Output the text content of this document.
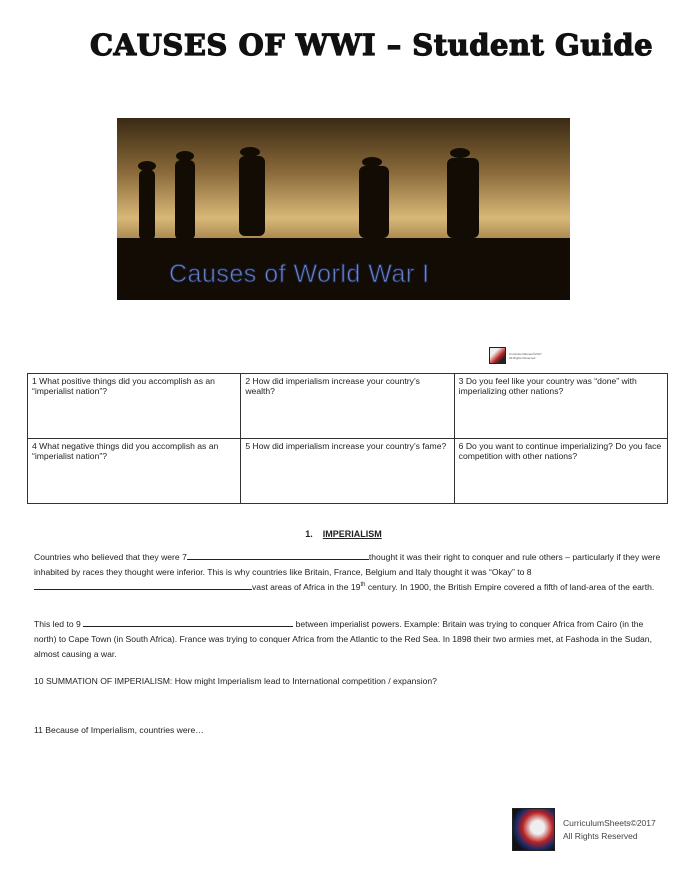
CAUSES OF WWI – Student Guide
Causes of World War I
CurriculumSheets©2017
All Rights Reserved
1 What positive things did you accomplish as an “imperialist nation”?	2 How did imperialism increase your country’s wealth?	3 Do you feel like your country was “done” with imperializing other nations?
4 What negative things did you accomplish as an “imperialist nation”?	5 How did imperialism increase your country’s fame?	6 Do you want to continue imperializing? Do you face competition with other nations?
1. IMPERIALISM
Countries who believed that they were 7	thought it was their right to conquer and rule others – particularly if they were inhabited by races they thought were inferior. This is why countries like Britain, France, Belgium and Italy thought it was “Okay” to 8vast areas of Africa in the 19th century. In 1900, the British Empire covered a fifth of land-area of the earth.
This led to 9	between imperialist powers. Example: Britain was trying to conquer Africa from Cairo (in the north) to Cape Town (in South Africa). France was trying to conquer Africa from the Atlantic to the Red Sea. In 1898 their two armies met, at Fashoda in the Sudan, almost causing a war.
10 SUMMATION OF IMPERIALISM: How might Imperialism lead to International competition / expansion?
11 Because of Imperialism, countries were…
CurriculumSheets©2017
All Rights Reserved
